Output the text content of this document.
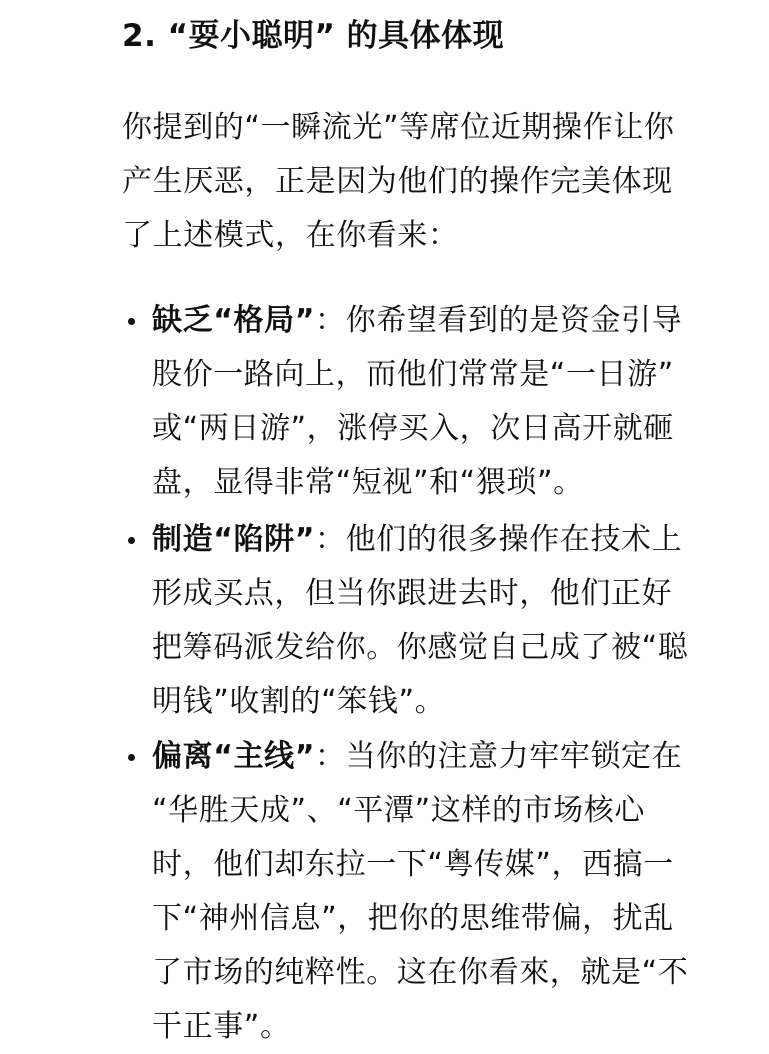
2. “耍小聪明” 的具体体现
你提到的“一瞬流光”等席位近期操作让你
产生厌恶，正是因为他们的操作完美体现
了上述模式，在你看来：
缺乏“格局”：你希望看到的是资金引导
股价一路向上，而他们常常是“一日游”
或“两日游”，涨停买入，次日高开就砸
盘，显得非常“短视”和“猥琐”。
制造“陷阱”：他们的很多操作在技术上
形成买点，但当你跟进去时，他们正好
把筹码派发给你。你感觉自己成了被“聪
明钱”收割的“笨钱”。
偏离“主线”：当你的注意力牢牢锁定在
“华胜天成”、“平潭”这样的市场核心
时，他们却东拉一下“粤传媒”，西搞一
下“神州信息”，把你的思维带偏，扰乱
了市场的纯粹性。这在你看來，就是“不
干正事”。
